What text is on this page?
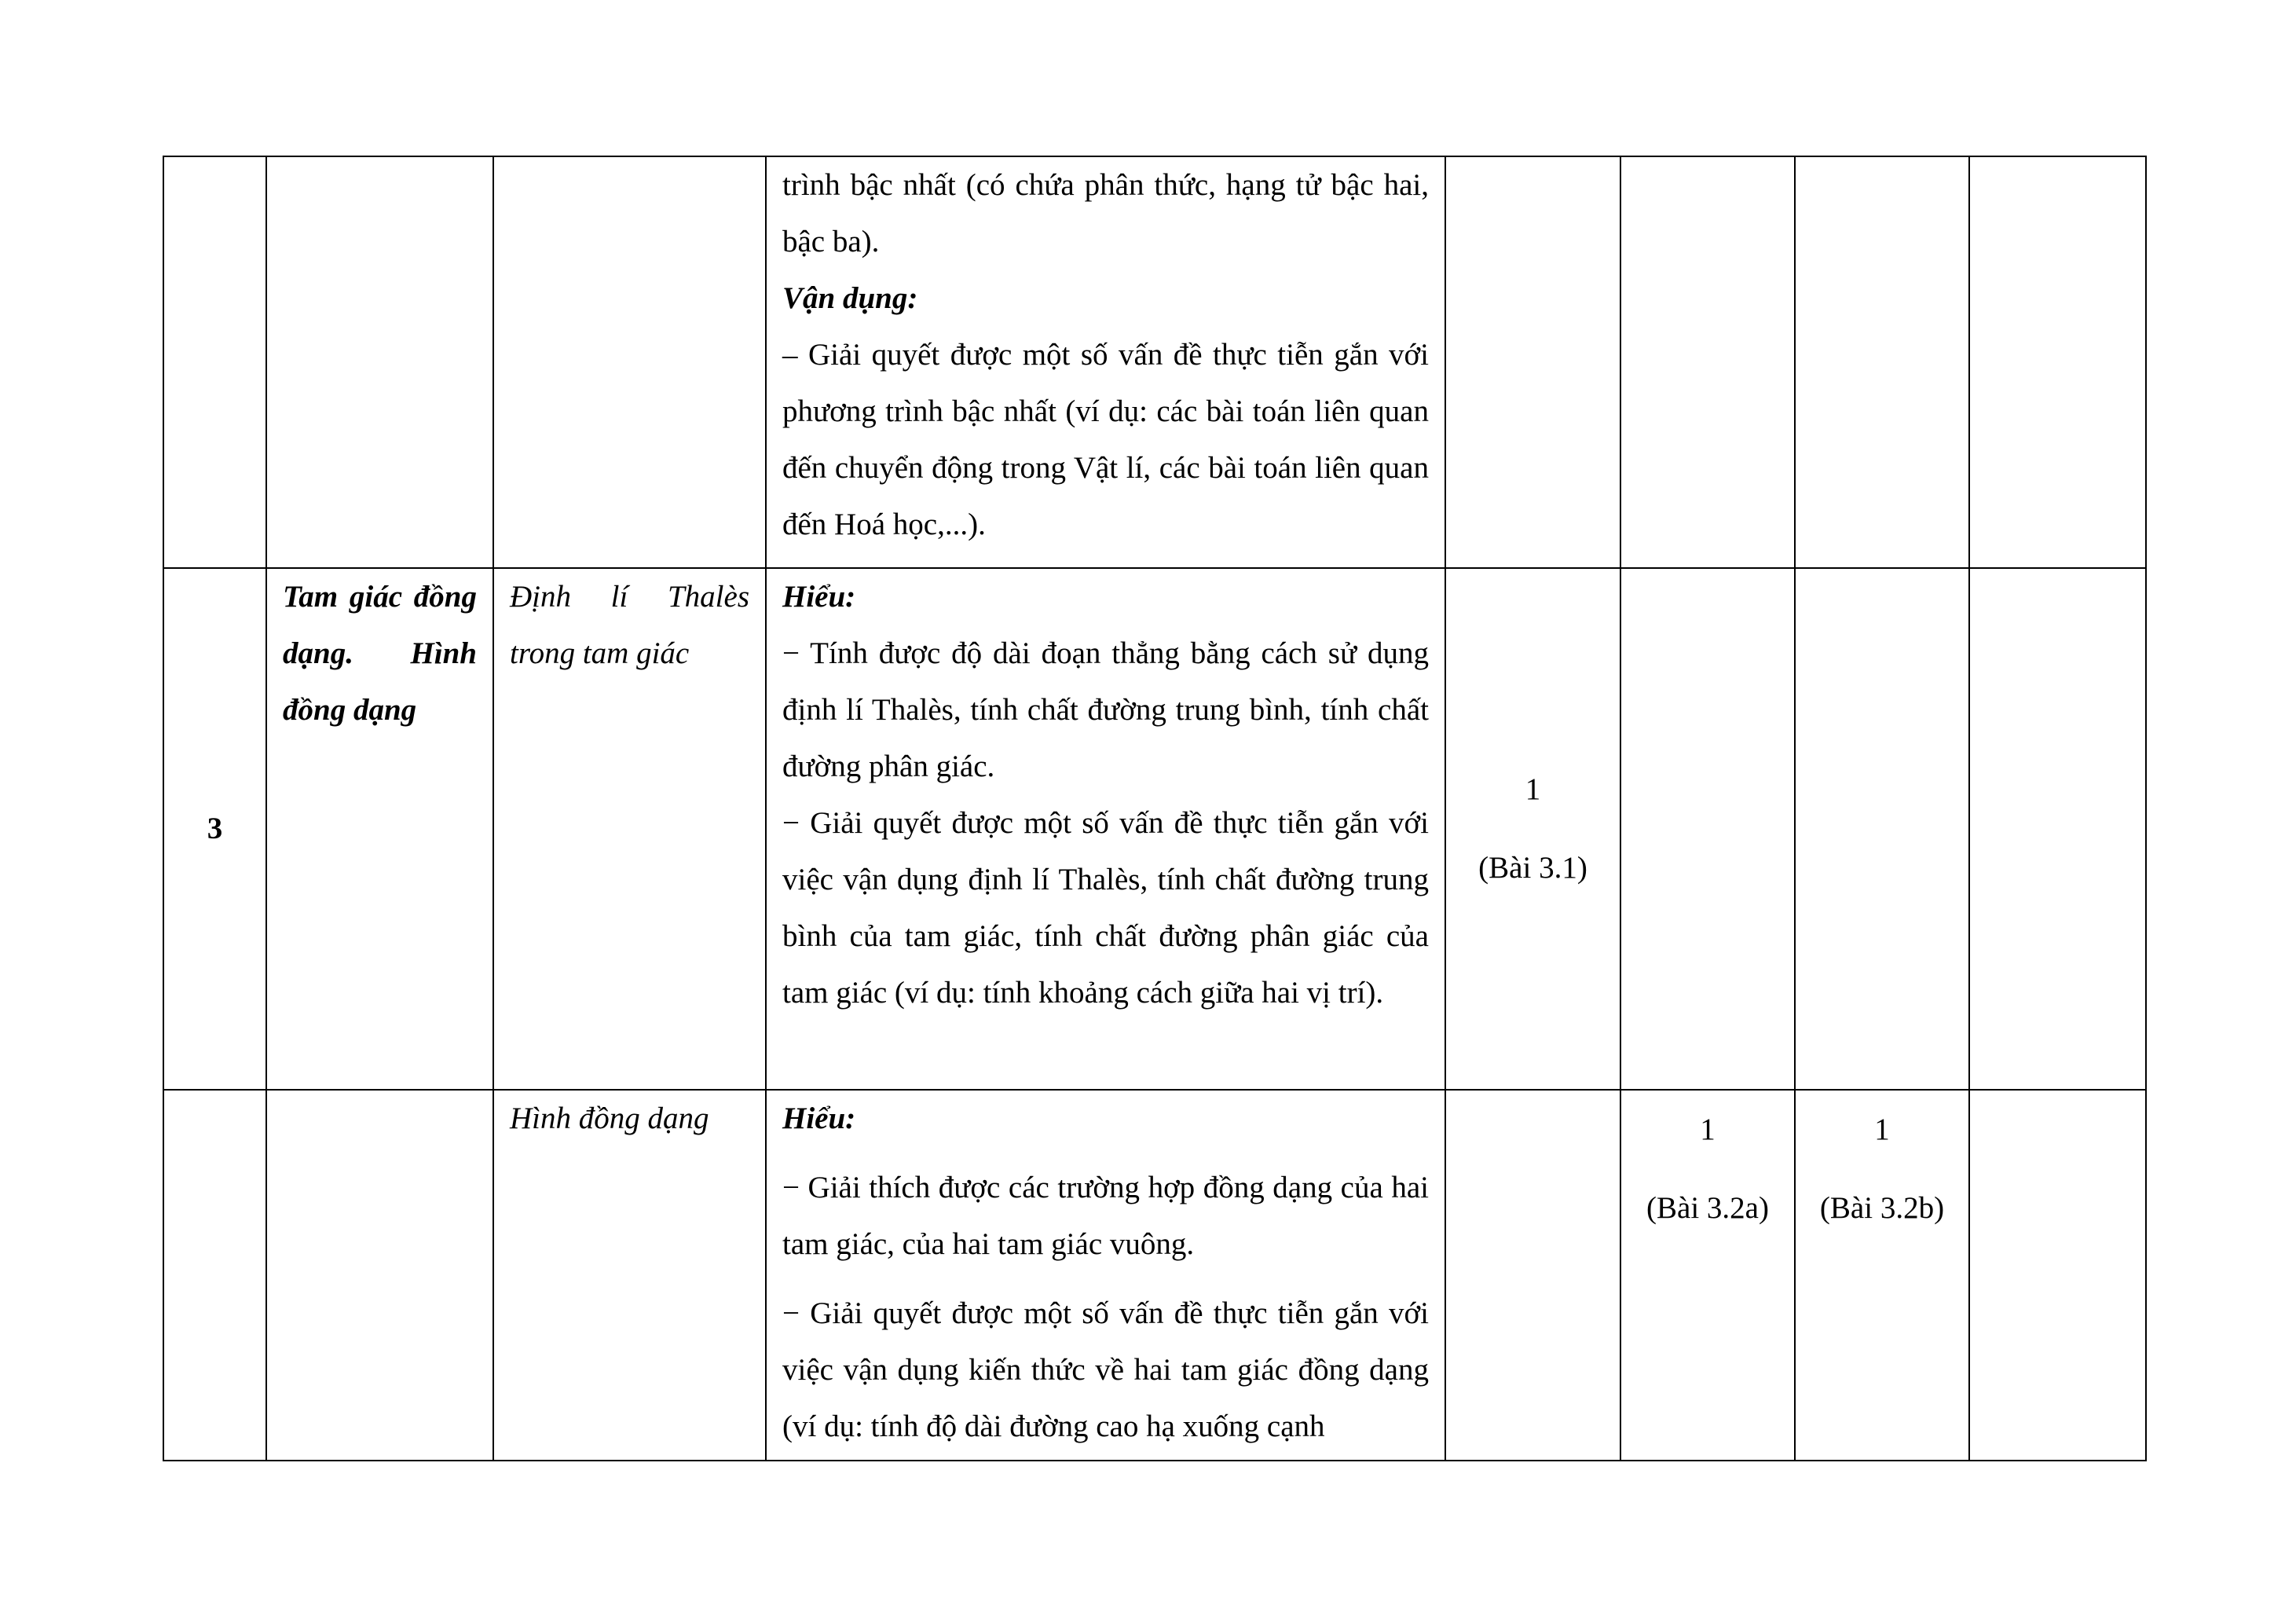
			trình bậc nhất (có chứa phân thức, hạng tử bậc hai, bậc ba).
Vận dụng:
– Giải quyết được một số vấn đề thực tiễn gắn với phương trình bậc nhất (ví dụ: các bài toán liên quan đến chuyển động trong Vật lí, các bài toán liên quan đến Hoá học,...).				

3	Tam giác đồng dạng. Hình đồng dạng	Định lí Thalès trong tam giác	Hiểu:
− Tính được độ dài đoạn thẳng bằng cách sử dụng định lí Thalès, tính chất đường trung bình, tính chất đường phân giác.
− Giải quyết được một số vấn đề thực tiễn gắn với việc vận dụng định lí Thalès, tính chất đường trung bình của tam giác, tính chất đường phân giác của tam giác (ví dụ: tính khoảng cách giữa hai vị trí).	1
(Bài 3.1)			

		Hình đồng dạng	Hiểu:
− Giải thích được các trường hợp đồng dạng của hai tam giác, của hai tam giác vuông.
− Giải quyết được một số vấn đề thực tiễn gắn với việc vận dụng kiến thức về hai tam giác đồng dạng (ví dụ: tính độ dài đường cao hạ xuống cạnh		1
(Bài 3.2a)	1
(Bài 3.2b)	
